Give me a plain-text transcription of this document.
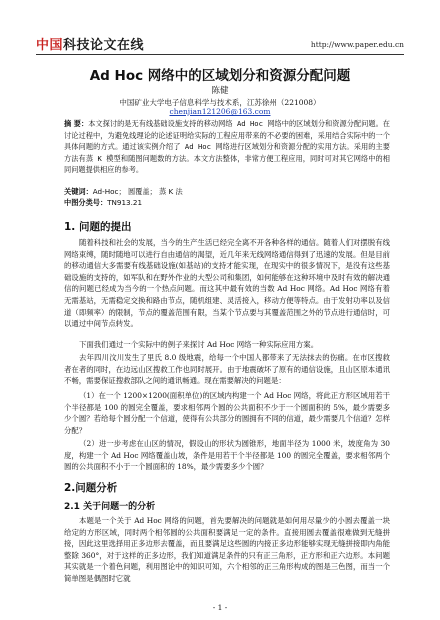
中国科技论文在线	http://www.paper.edu.cn
Ad Hoc 网络中的区域划分和资源分配问题
陈健
中国矿业大学电子信息科学与技术系，江苏徐州（221008）
chenjian121206@163.com
摘 要：本文探讨的是无有线基础设施支持的移动网络 Ad Hoc 网络中的区域划分和资源分配问题。在讨论过程中，为避免线理论的论述证明给实际的工程应用带来的不必要的困难，采用结合实际中的一个具体问题的方式。通过该实例介绍了 Ad Hoc 网络进行区域划分和资源分配的实用方法。采用的主要方法有蒸 K 模型和随图问题数的方法。本文方法整体，非常方便工程应用，同时可对其它网络中的相同问题提供相应的参考。
关键词：Ad-Hoc； 圆覆盖； 蒸 K 法
中图分类号：TN913.21
1. 问题的提出
随着科技和社会的发展，当今的生产生活已经完全离不开各种各样的通信。随着人们对摆脱有线网络束缚，随时随地可以进行自由通信的渴望，近几年来无线网络通信得到了迅速的发展。但是目前的移动通信大多需要有线基础设施(如基站)的支持才能实现，在现实中的很多情况下，是没有这些基础设施的支持的，如军队和在野外作业的大型公司和集团，如何能够在这种环境中及时有效的解决通信的问题已经成为当今的一个热点问题。而这其中最有效的当数 Ad Hoc 网络。Ad Hoc 网络有着无需基站，无需稳定交换和路由节点，随机组建、灵活接入，移动方便等特点。由于发射功率以及信道（即频率）的限制，节点的覆盖范围有限，当某个节点要与其覆盖范围之外的节点进行通信时，可以通过中间节点转发。
下面我们通过一个实际中的例子来探讨 Ad Hoc 网络一种实际应用方案。
去年四川汶川发生了里氏 8.0 级地震，给每一个中国人都带来了无法抹去的伤痛。在市区搜救者在者的同时，在边远山区搜救工作也同时展开。由于地震破坏了原有的通信设施，且山区原本通讯不畅，需要保证搜救部队之间的通讯畅通。现在需要解决的问题是：
（1）在一个 1200×1200(面积单位)的区域内构建一个 Ad Hoc 网络，将此正方形区域用若干个半径都是 100 的圆完全覆盖，要求相邻两个圆的公共面积不少于一个圆面积的 5%，最少需要多少个圆？若给每个圆分配一个信道，使得有公共部分的圆拥有不同的信道，最少需要几个信道？怎样分配？
（2）进一步考虑在山区的情况，假设山的形状为圆锥形，地面半径为 1000 米，坡度角为 30 度，构建一个 Ad Hoc 网络覆盖山坡，条件是用若干个半径都是 100 的圆完全覆盖，要求相邻两个圆的公共面积不小于一个圆面积的 18%，最少需要多少个圆？
2.问题分析
2.1 关于问题一的分析
本题是一个关于 Ad Hoc 网络的问题，首先要解决的问题就是如何用尽量少的小圆去覆盖一块给定的方形区域，同时两个相邻圆的公共面积要满足一定的条件。直接用圆去覆盖很难做到无缝拼接，因此这里选择用正多边形去覆盖，而且要满足这些圆的内接正多边形能够实现无缝拼接即内角能整除 360°，对于这样的正多边形，我们知道满足条件的只有正三角形，正方形和正六边形。本问题其实就是一个着色问题，利用图论中的知识可知，六个相邻的正三角形构成的图是三色图，而当一个简单图是偶图时它就
- 1 -
